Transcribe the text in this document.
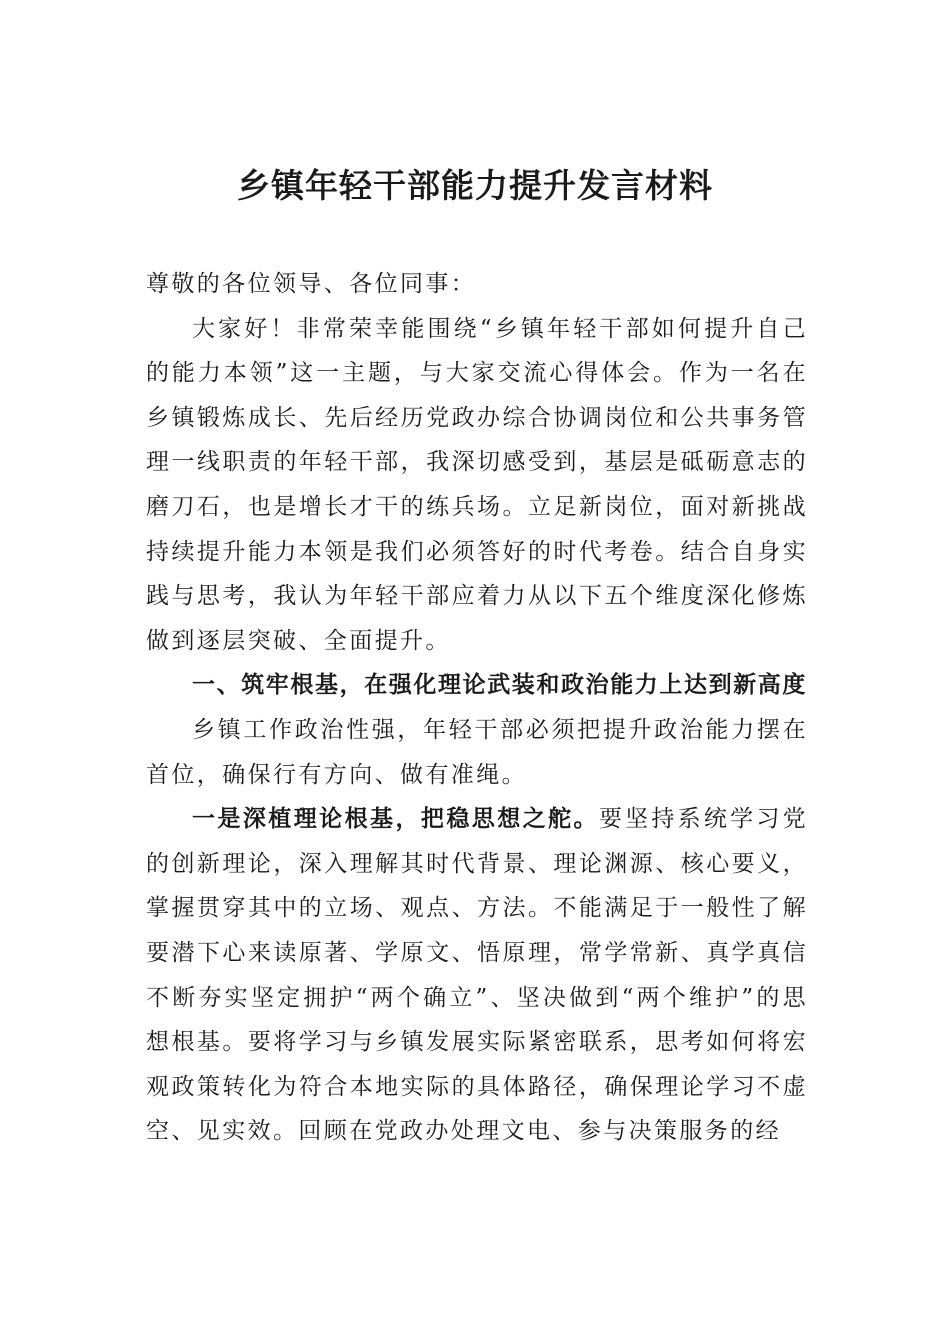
乡镇年轻干部能力提升发言材料

尊敬的各位领导、各位同事：

大家好！非常荣幸能围绕“乡镇年轻干部如何提升自己的能力本领”这一主题，与大家交流心得体会。作为一名在乡镇锻炼成长、先后经历党政办综合协调岗位和公共事务管理一线职责的年轻干部，我深切感受到，基层是砥砺意志的磨刀石，也是增长才干的练兵场。立足新岗位，面对新挑战持续提升能力本领是我们必须答好的时代考卷。结合自身实践与思考，我认为年轻干部应着力从以下五个维度深化修炼做到逐层突破、全面提升。

一、筑牢根基，在强化理论武装和政治能力上达到新高度

乡镇工作政治性强，年轻干部必须把提升政治能力摆在首位，确保行有方向、做有准绳。

一是深植理论根基，把稳思想之舵。要坚持系统学习党的创新理论，深入理解其时代背景、理论渊源、核心要义，掌握贯穿其中的立场、观点、方法。不能满足于一般性了解要潜下心来读原著、学原文、悟原理，常学常新、真学真信不断夯实坚定拥护“两个确立”、坚决做到“两个维护”的思想根基。要将学习与乡镇发展实际紧密联系，思考如何将宏观政策转化为符合本地实际的具体路径，确保理论学习不虚空、见实效。回顾在党政办处理文电、参与决策服务的经
